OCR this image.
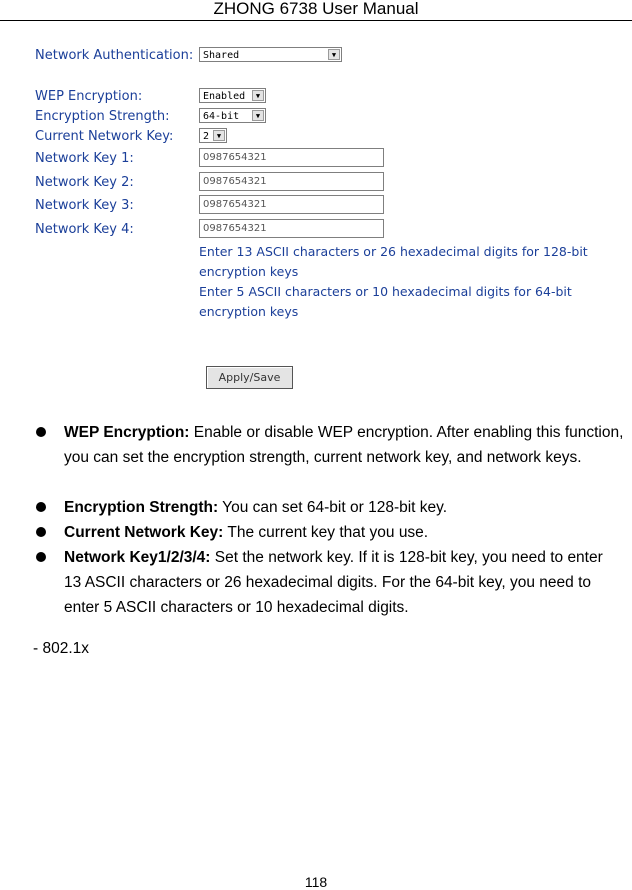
ZHONG 6738 User Manual
Network Authentication: Shared	▼
WEP Encryption:	Enabled	▼
Encryption Strength:	64-bit	▼
Current Network Key:	2	▼
Network Key 1:	0987654321
Network Key 2:	0987654321
Network Key 3:	0987654321
Network Key 4:	0987654321
Enter 13 ASCII characters or 26 hexadecimal digits for 128-bit
encryption keys
Enter 5 ASCII characters or 10 hexadecimal digits for 64-bit
encryption keys
Apply/Save
WEP Encryption: Enable or disable WEP encryption. After enabling this function, you can set the encryption strength, current network key, and network keys.
Encryption Strength: You can set 64-bit or 128-bit key.
Current Network Key: The current key that you use.
Network Key1/2/3/4: Set the network key. If it is 128-bit key, you need to enter 13 ASCII characters or 26 hexadecimal digits. For the 64-bit key, you need to enter 5 ASCII characters or 10 hexadecimal digits.
- 802.1x
118
